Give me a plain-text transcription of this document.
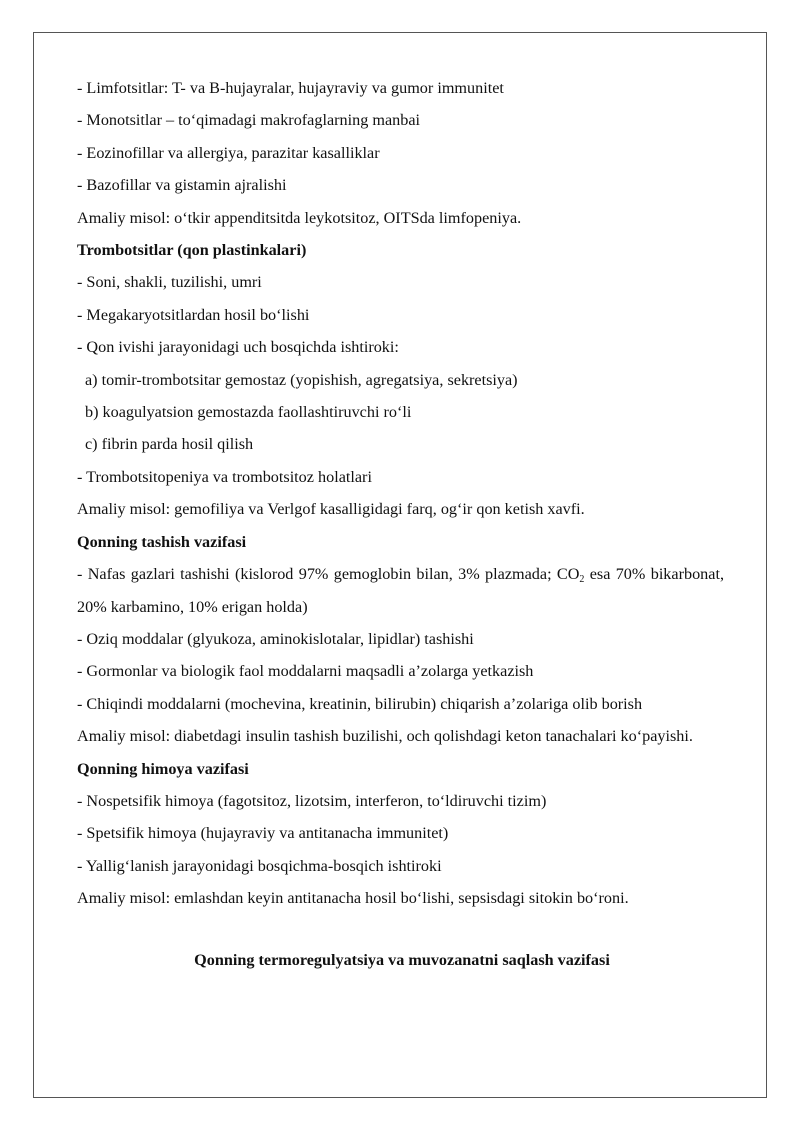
- Limfotsitlar: T- va B-hujayralar, hujayraviy va gumor immunitet

- Monotsitlar – to‘qimadagi makrofaglarning manbai

- Eozinofillar va allergiya, parazitar kasalliklar

- Bazofillar va gistamin ajralishi

Amaliy misol: o‘tkir appenditsitda leykotsitoz, OITSda limfopeniya.

Trombotsitlar (qon plastinkalari)

- Soni, shakli, tuzilishi, umri

- Megakaryotsitlardan hosil bo‘lishi

- Qon ivishi jarayonidagi uch bosqichda ishtiroki:

a) tomir-trombotsitar gemostaz (yopishish, agregatsiya, sekretsiya)

b) koagulyatsion gemostazda faollashtiruvchi ro‘li

c) fibrin parda hosil qilish

- Trombotsitopeniya va trombotsitoz holatlari

Amaliy misol: gemofiliya va Verlgof kasalligidagi farq, og‘ir qon ketish xavfi.

Qonning tashish vazifasi

- Nafas gazlari tashishi (kislorod 97% gemoglobin bilan, 3% plazmada; $CO_2$ esa 70% bikarbonat, 20% karbamino, 10% erigan holda)

- Oziq moddalar (glyukoza, aminokislotalar, lipidlar) tashishi

- Gormonlar va biologik faol moddalarni maqsadli a’zolarga yetkazish

- Chiqindi moddalarni (mochevina, kreatinin, bilirubin) chiqarish a’zolariga olib borish

Amaliy misol: diabetdagi insulin tashish buzilishi, och qolishdagi keton tanachalari ko‘payishi.

Qonning himoya vazifasi

- Nospetsifik himoya (fagotsitoz, lizotsim, interferon, to‘ldiruvchi tizim)

- Spetsifik himoya (hujayraviy va antitanacha immunitet)

- Yallig‘lanish jarayonidagi bosqichma-bosqich ishtiroki

Amaliy misol: emlashdan keyin antitanacha hosil bo‘lishi, sepsisdagi sitokin bo‘roni.

Qonning termoregulyatsiya va muvozanatni saqlash vazifasi
